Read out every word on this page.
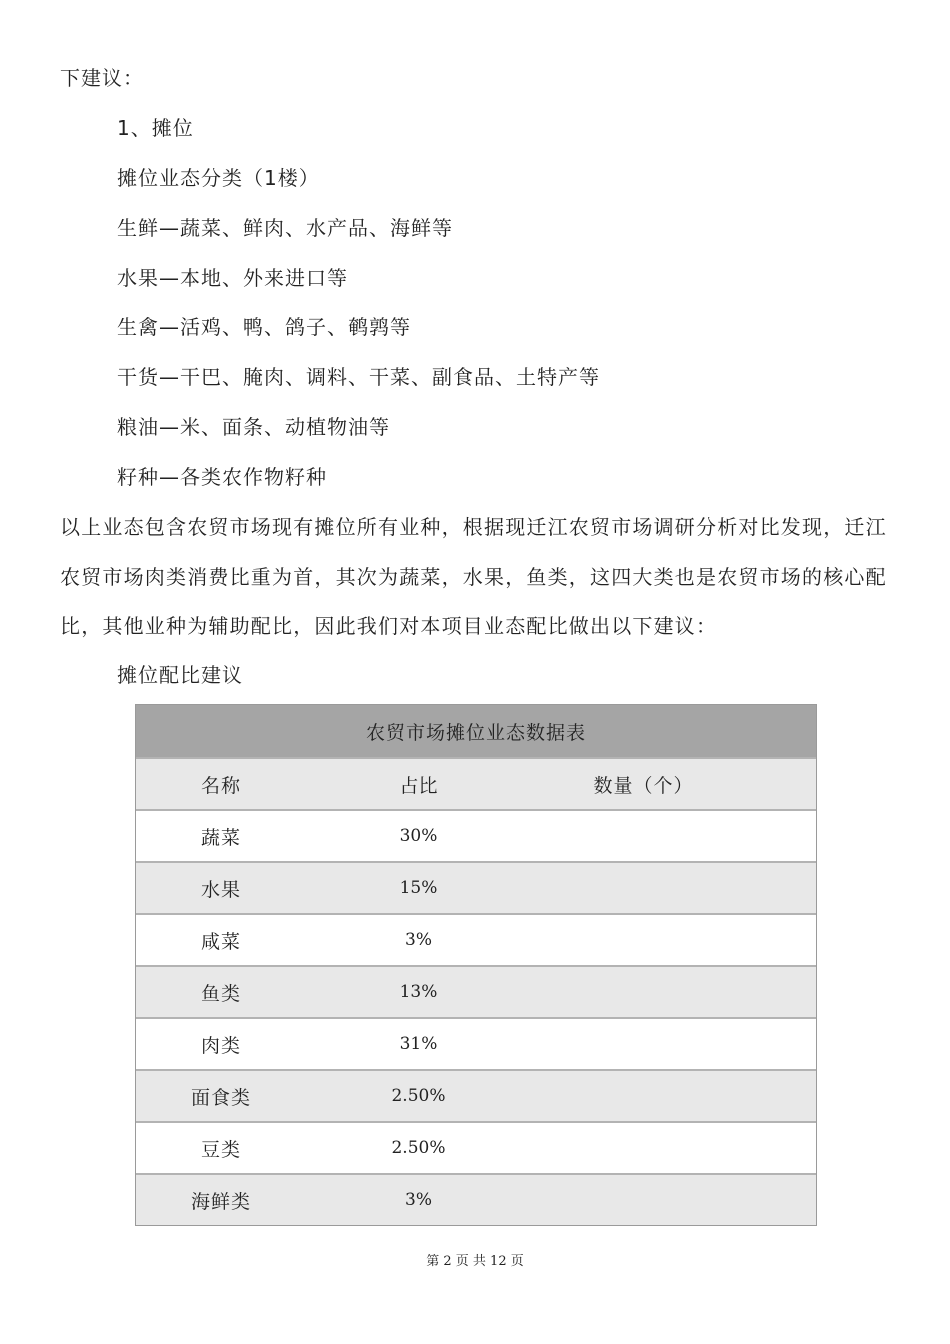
下建议：
1、摊位
摊位业态分类（1楼）
生鲜—蔬菜、鲜肉、水产品、海鲜等
水果—本地、外来进口等
生禽—活鸡、鸭、鸽子、鹌鹑等
干货—干巴、腌肉、调料、干菜、副食品、土特产等
粮油—米、面条、动植物油等
籽种—各类农作物籽种
以上业态包含农贸市场现有摊位所有业种，根据现迁江农贸市场调研分析对比发现，迁江农贸市场肉类消费比重为首，其次为蔬菜，水果，鱼类，这四大类也是农贸市场的核心配比，其他业种为辅助配比，因此我们对本项目业态配比做出以下建议：
摊位配比建议
农贸市场摊位业态数据表
名称	占比	数量（个）
蔬菜	30%
水果	15%
咸菜	3%
鱼类	13%
肉类	31%
面食类	2.50%
豆类	2.50%
海鲜类	3%
第 2 页 共 12 页
